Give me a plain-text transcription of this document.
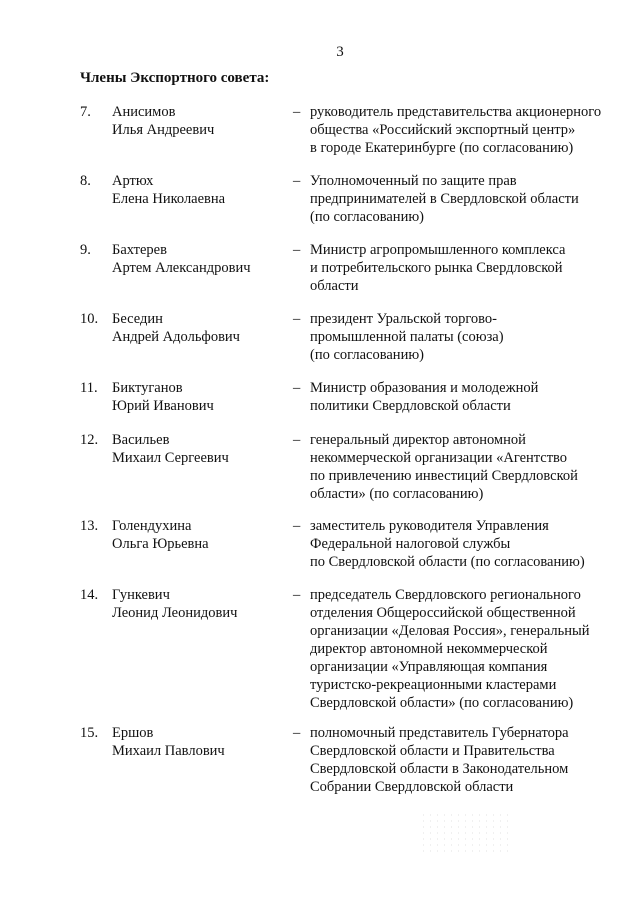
3
Члены Экспортного совета:
7. Анисимов
Илья Андреевич
– руководитель представительства акционерного
общества «Российский экспортный центр»
в городе Екатеринбурге (по согласованию)
8. Артюх
Елена Николаевна
– Уполномоченный по защите прав
предпринимателей в Свердловской области
(по согласованию)
9. Бахтерев
Артем Александрович
– Министр агропромышленного комплекса
и потребительского рынка Свердловской
области
10. Беседин
Андрей Адольфович
– президент Уральской торгово-
промышленной палаты (союза)
(по согласованию)
11. Биктуганов
Юрий Иванович
– Министр образования и молодежной
политики Свердловской области
12. Васильев
Михаил Сергеевич
– генеральный директор автономной
некоммерческой организации «Агентство
по привлечению инвестиций Свердловской
области» (по согласованию)
13. Голендухина
Ольга Юрьевна
– заместитель руководителя Управления
Федеральной налоговой службы
по Свердловской области (по согласованию)
14. Гункевич
Леонид Леонидович
– председатель Свердловского регионального
отделения Общероссийской общественной
организации «Деловая Россия», генеральный
директор автономной некоммерческой
организации «Управляющая компания
туристско-рекреационными кластерами
Свердловской области» (по согласованию)
15. Ершов
Михаил Павлович
– полномочный представитель Губернатора
Свердловской области и Правительства
Свердловской области в Законодательном
Собрании Свердловской области
